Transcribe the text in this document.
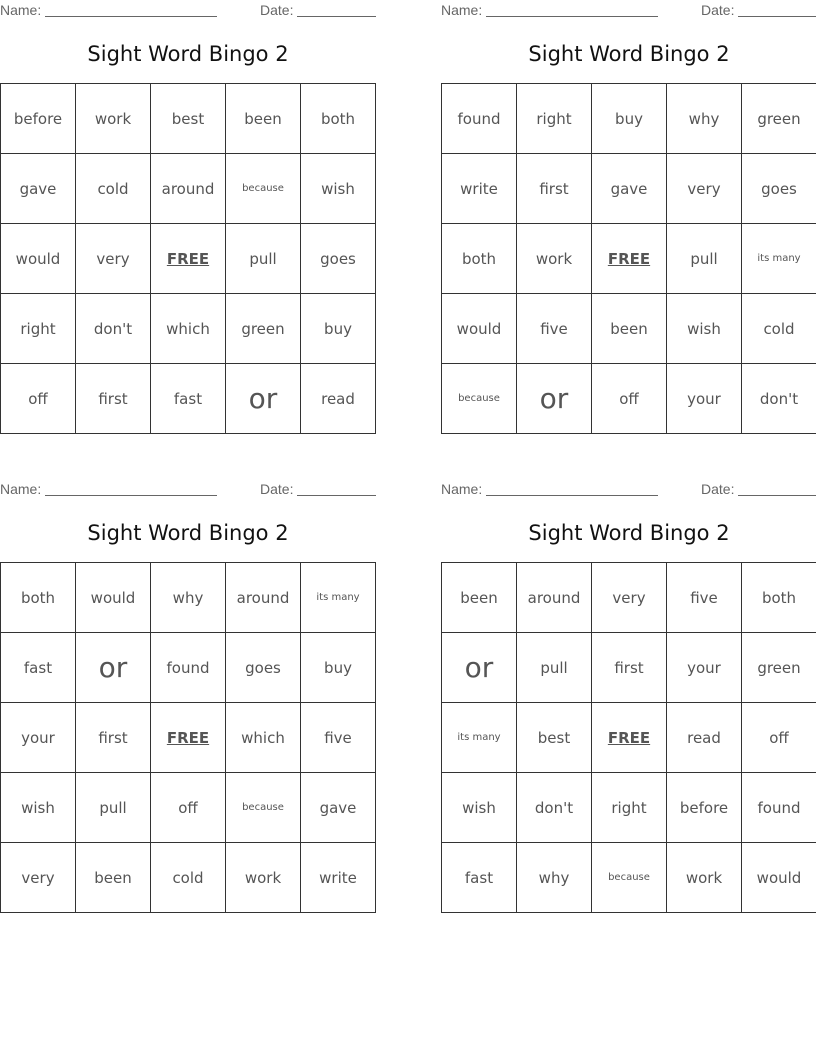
Name:	Date:
Sight Word Bingo 2
before	work	best	been	both
gave	cold	around	because	wish
would	very	FREE	pull	goes
right	don't	which	green	buy
off	first	fast	or	read
Name:	Date:
Sight Word Bingo 2
found	right	buy	why	green
write	first	gave	very	goes
both	work	FREE	pull	its many
would	five	been	wish	cold
because	or	off	your	don't
Name:	Date:
Sight Word Bingo 2
both	would	why	around	its many
fast	or	found	goes	buy
your	first	FREE	which	five
wish	pull	off	because	gave
very	been	cold	work	write
Name:	Date:
Sight Word Bingo 2
been	around	very	five	both
or	pull	first	your	green
its many	best	FREE	read	off
wish	don't	right	before	found
fast	why	because	work	would
